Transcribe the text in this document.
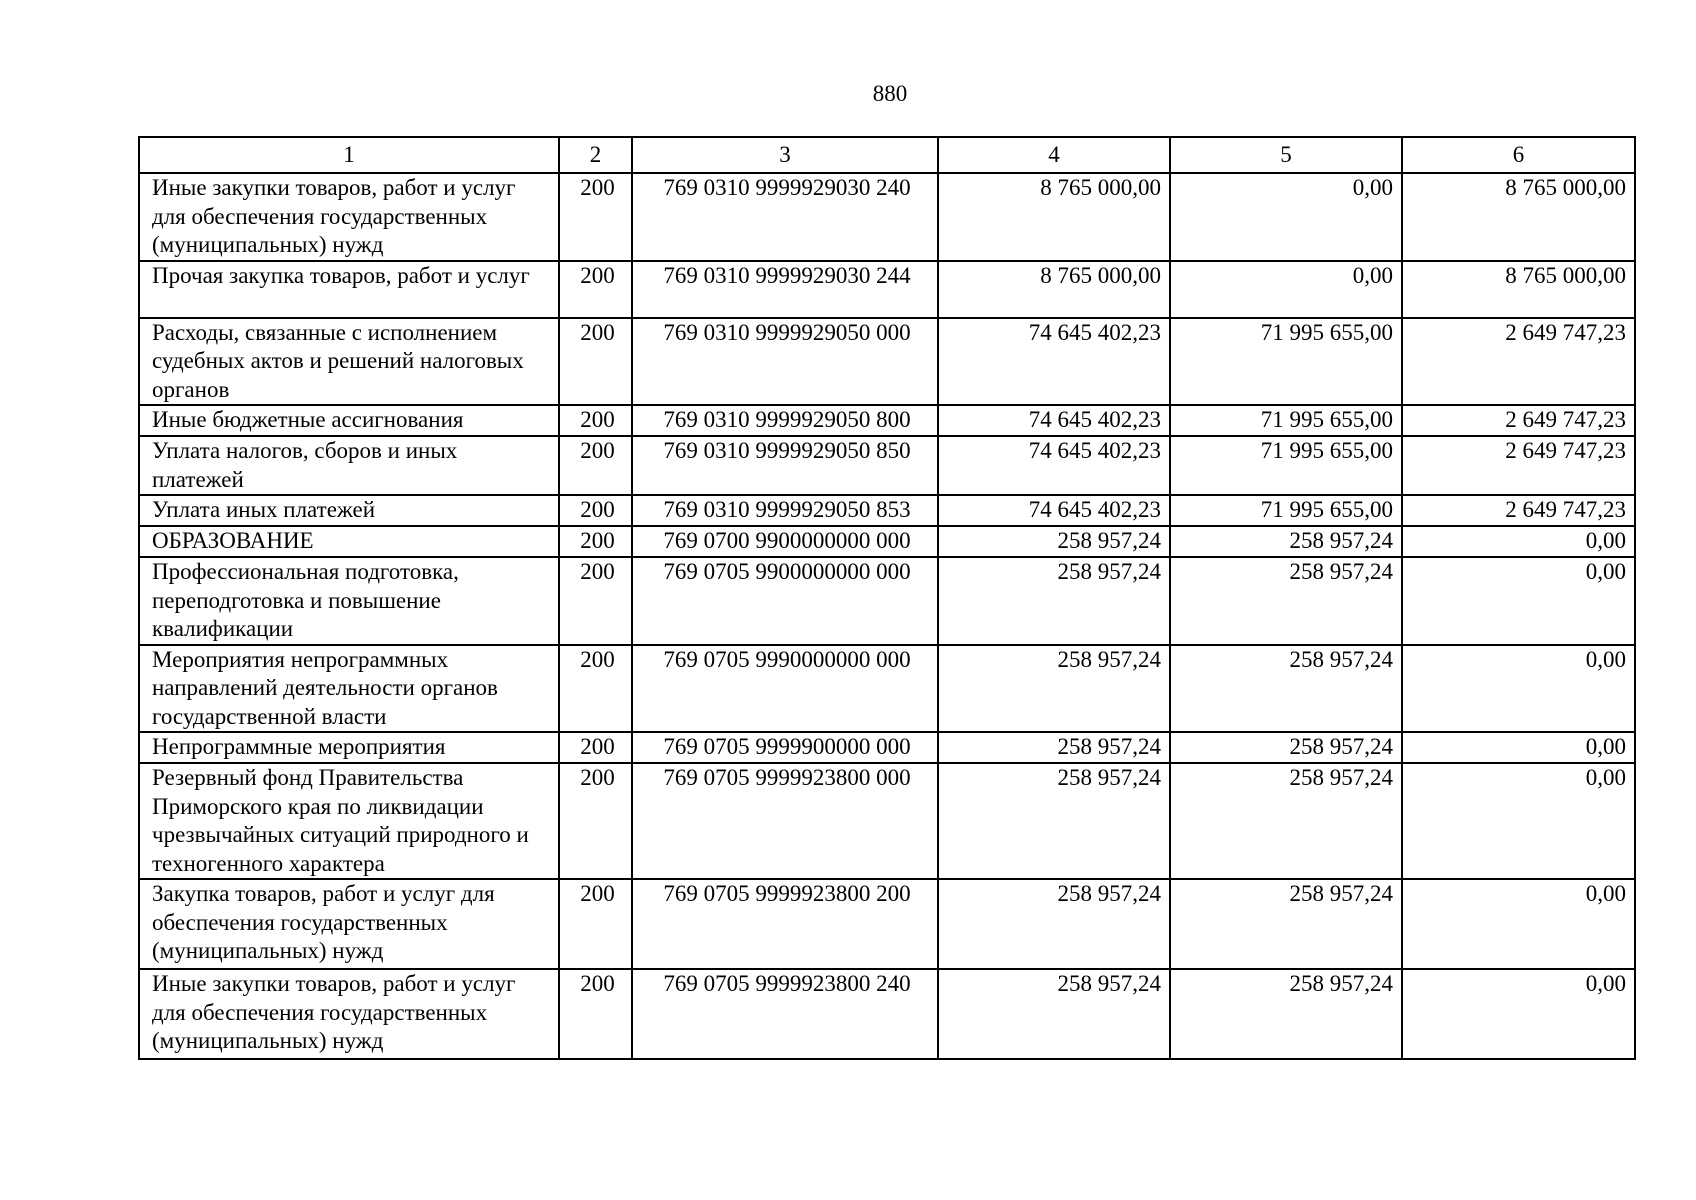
880
1	2	3	4	5	6
Иные закупки товаров, работ и услуг для обеспечения государственных (муниципальных) нужд	200	769 0310 9999929030 240	8 765 000,00	0,00	8 765 000,00
Прочая закупка товаров, работ и услуг	200	769 0310 9999929030 244	8 765 000,00	0,00	8 765 000,00
Расходы, связанные с исполнением судебных актов и решений налоговых органов	200	769 0310 9999929050 000	74 645 402,23	71 995 655,00	2 649 747,23
Иные бюджетные ассигнования	200	769 0310 9999929050 800	74 645 402,23	71 995 655,00	2 649 747,23
Уплата налогов, сборов и иных платежей	200	769 0310 9999929050 850	74 645 402,23	71 995 655,00	2 649 747,23
Уплата иных платежей	200	769 0310 9999929050 853	74 645 402,23	71 995 655,00	2 649 747,23
ОБРАЗОВАНИЕ	200	769 0700 9900000000 000	258 957,24	258 957,24	0,00
Профессиональная подготовка, переподготовка и повышение квалификации	200	769 0705 9900000000 000	258 957,24	258 957,24	0,00
Мероприятия непрограммных направлений деятельности органов государственной власти	200	769 0705 9990000000 000	258 957,24	258 957,24	0,00
Непрограммные мероприятия	200	769 0705 9999900000 000	258 957,24	258 957,24	0,00
Резервный фонд Правительства Приморского края по ликвидации чрезвычайных ситуаций природного и техногенного характера	200	769 0705 9999923800 000	258 957,24	258 957,24	0,00
Закупка товаров, работ и услуг для обеспечения государственных (муниципальных) нужд	200	769 0705 9999923800 200	258 957,24	258 957,24	0,00
Иные закупки товаров, работ и услуг для обеспечения государственных (муниципальных) нужд	200	769 0705 9999923800 240	258 957,24	258 957,24	0,00
